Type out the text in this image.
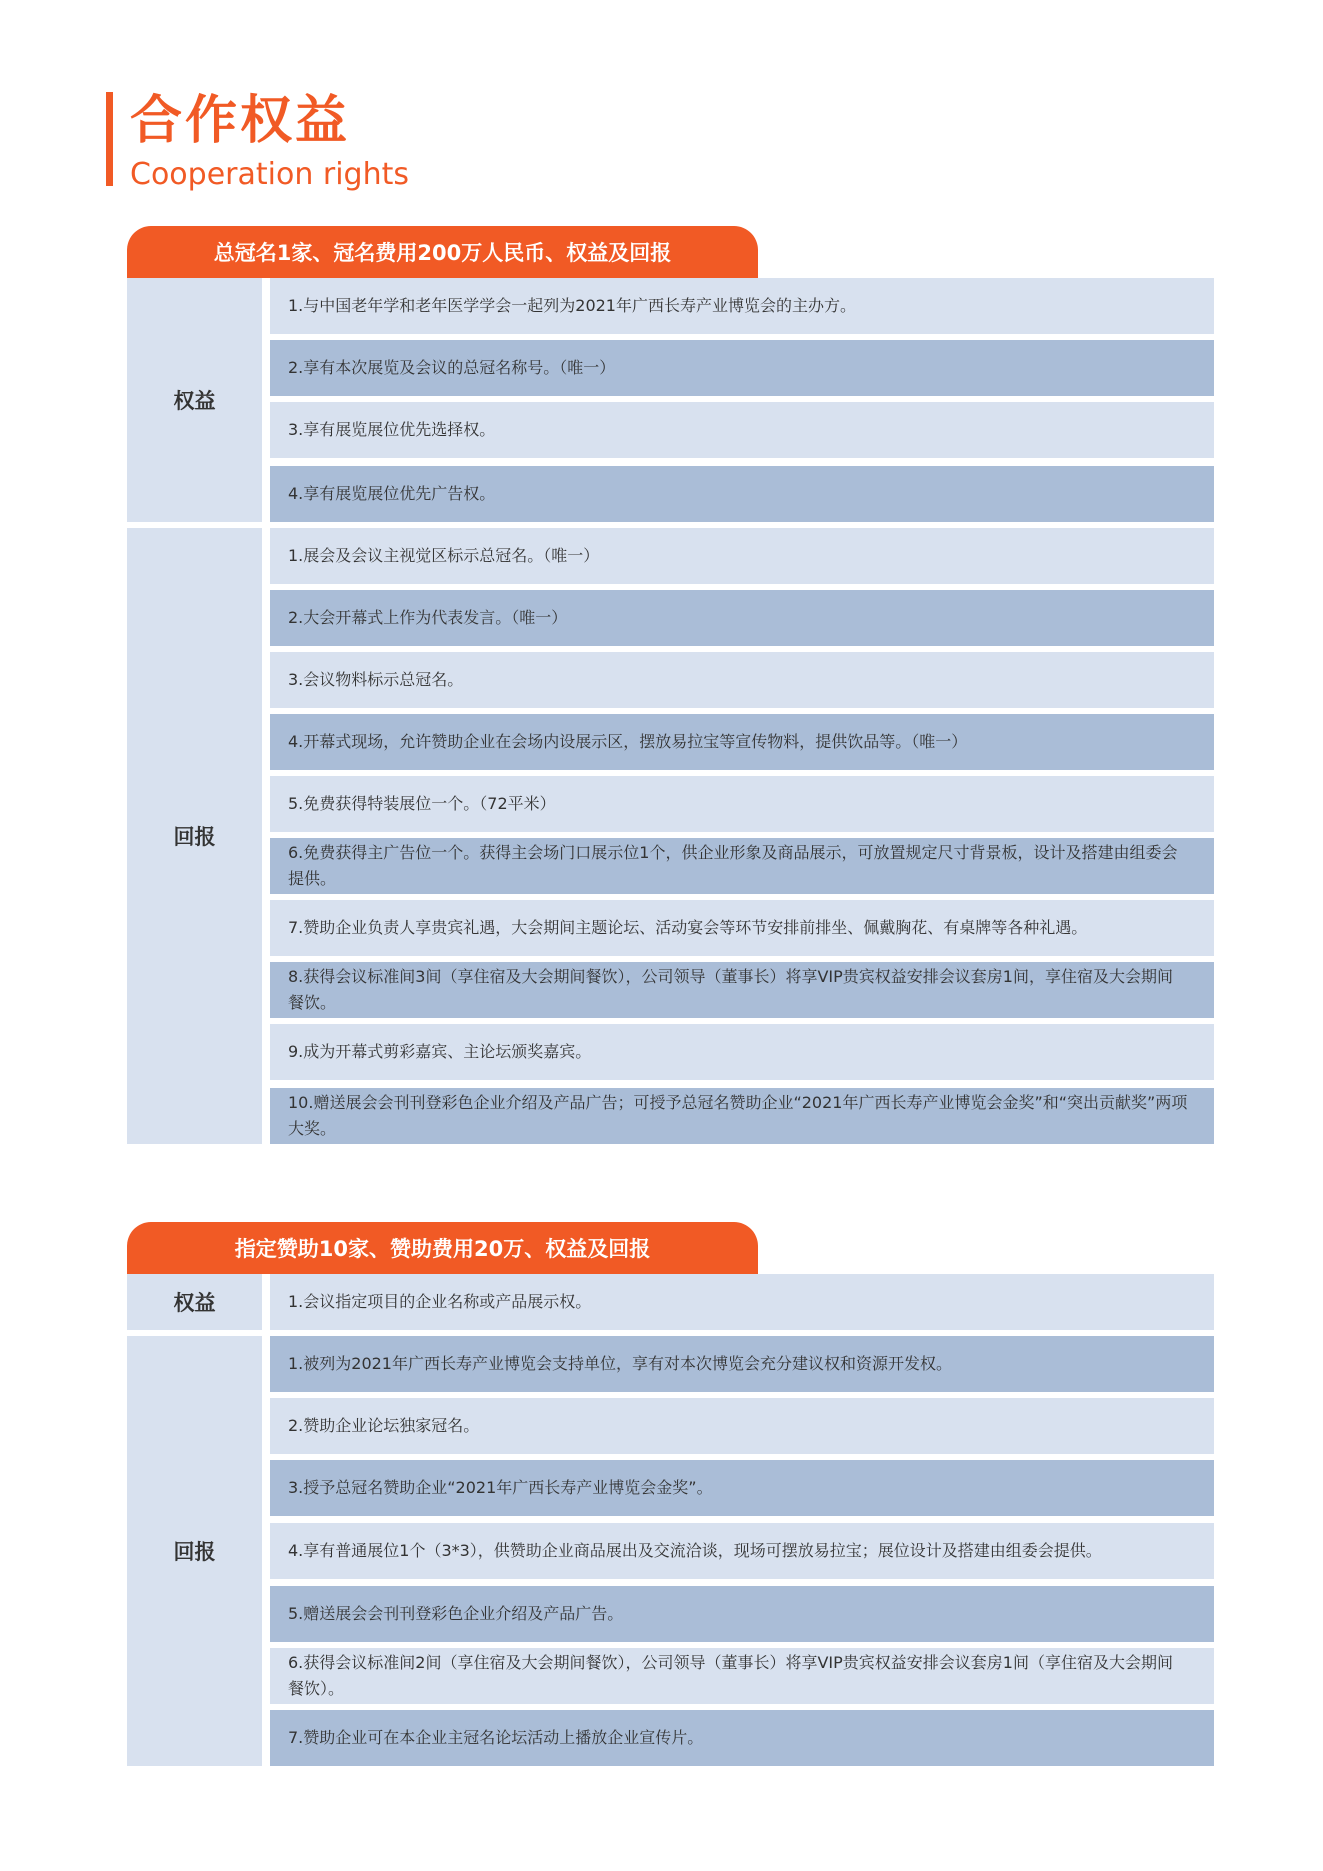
合作权益
Cooperation rights
总冠名1家、冠名费用200万人民币、权益及回报
权益
1.与中国老年学和老年医学学会一起列为2021年广西长寿产业博览会的主办方。
2.享有本次展览及会议的总冠名称号。（唯一）
3.享有展览展位优先选择权。
4.享有展览展位优先广告权。
回报
1.展会及会议主视觉区标示总冠名。（唯一）
2.大会开幕式上作为代表发言。（唯一）
3.会议物料标示总冠名。
4.开幕式现场，允许赞助企业在会场内设展示区，摆放易拉宝等宣传物料，提供饮品等。（唯一）
5.免费获得特装展位一个。（72平米）
6.免费获得主广告位一个。获得主会场门口展示位1个，供企业形象及商品展示，可放置规定尺寸背景板，设计及搭建由组委会提供。
7.赞助企业负责人享贵宾礼遇，大会期间主题论坛、活动宴会等环节安排前排坐、佩戴胸花、有桌牌等各种礼遇。
8.获得会议标准间3间（享住宿及大会期间餐饮），公司领导（董事长）将享VIP贵宾权益安排会议套房1间，享住宿及大会期间餐饮。
9.成为开幕式剪彩嘉宾、主论坛颁奖嘉宾。
10.赠送展会会刊刊登彩色企业介绍及产品广告；可授予总冠名赞助企业“2021年广西长寿产业博览会金奖”和“突出贡献奖”两项大奖。
指定赞助10家、赞助费用20万、权益及回报
权益	1.会议指定项目的企业名称或产品展示权。
回报
1.被列为2021年广西长寿产业博览会支持单位，享有对本次博览会充分建议权和资源开发权。
2.赞助企业论坛独家冠名。
3.授予总冠名赞助企业“2021年广西长寿产业博览会金奖”。
4.享有普通展位1个（3*3），供赞助企业商品展出及交流洽谈，现场可摆放易拉宝；展位设计及搭建由组委会提供。
5.赠送展会会刊刊登彩色企业介绍及产品广告。
6.获得会议标准间2间（享住宿及大会期间餐饮），公司领导（董事长）将享VIP贵宾权益安排会议套房1间（享住宿及大会期间餐饮）。
7.赞助企业可在本企业主冠名论坛活动上播放企业宣传片。
